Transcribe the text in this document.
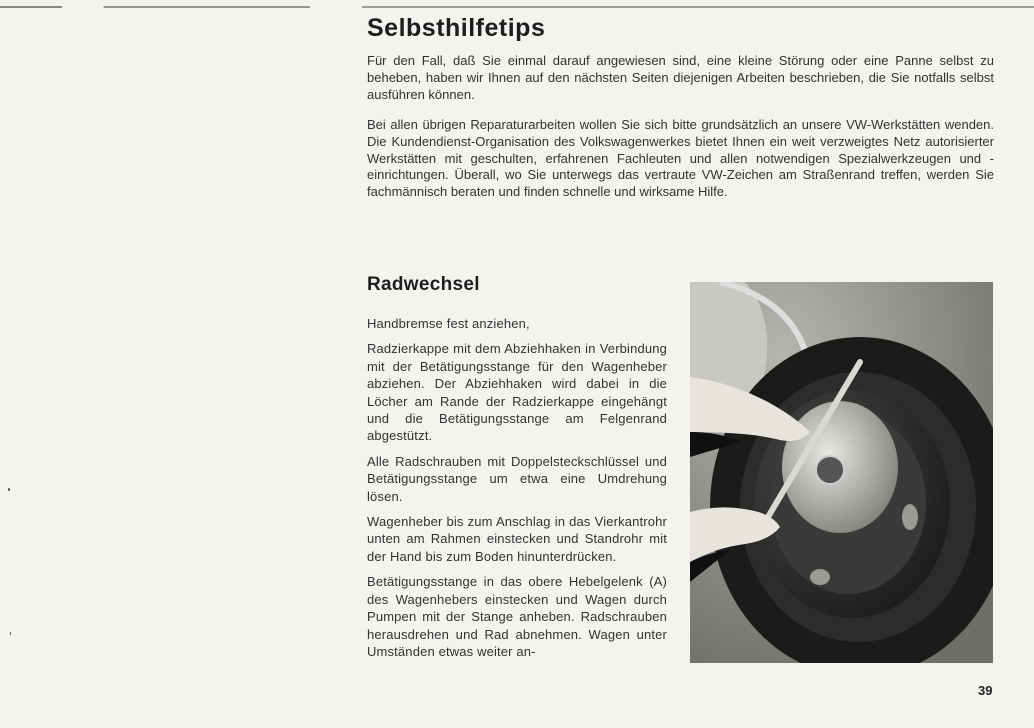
Selbsthilfetips

Für den Fall, daß Sie einmal darauf angewiesen sind, eine kleine Störung oder eine Panne selbst zu beheben, haben wir Ihnen auf den nächsten Seiten diejenigen Arbeiten beschrieben, die Sie notfalls selbst ausführen können.

Bei allen übrigen Reparaturarbeiten wollen Sie sich bitte grundsätzlich an unsere VW-Werkstätten wenden. Die Kundendienst-Organisation des Volkswagenwerkes bietet Ihnen ein weit verzweigtes Netz autorisierter Werkstätten mit geschulten, erfahrenen Fachleuten und allen notwendigen Spezialwerkzeugen und -einrichtungen. Überall, wo Sie unterwegs das vertraute VW-Zeichen am Straßenrand treffen, werden Sie fachmännisch beraten und finden schnelle und wirksame Hilfe.

Radwechsel

Handbremse fest anziehen,

Radzierkappe mit dem Abziehhaken in Verbindung mit der Betätigungsstange für den Wagenheber abziehen. Der Abziehhaken wird dabei in die Löcher am Rande der Radzierkappe eingehängt und die Betätigungsstange am Felgenrand abgestützt.

Alle Radschrauben mit Doppelsteckschlüssel und Betätigungsstange um etwa eine Umdrehung lösen.

Wagenheber bis zum Anschlag in das Vierkantrohr unten am Rahmen einstecken und Standrohr mit der Hand bis zum Boden hinunterdrücken.

Betätigungsstange in das obere Hebelgelenk (A) des Wagenhebers einstecken und Wagen durch Pumpen mit der Stange anheben. Radschrauben herausdrehen und Rad abnehmen. Wagen unter Umständen etwas weiter an-

39
